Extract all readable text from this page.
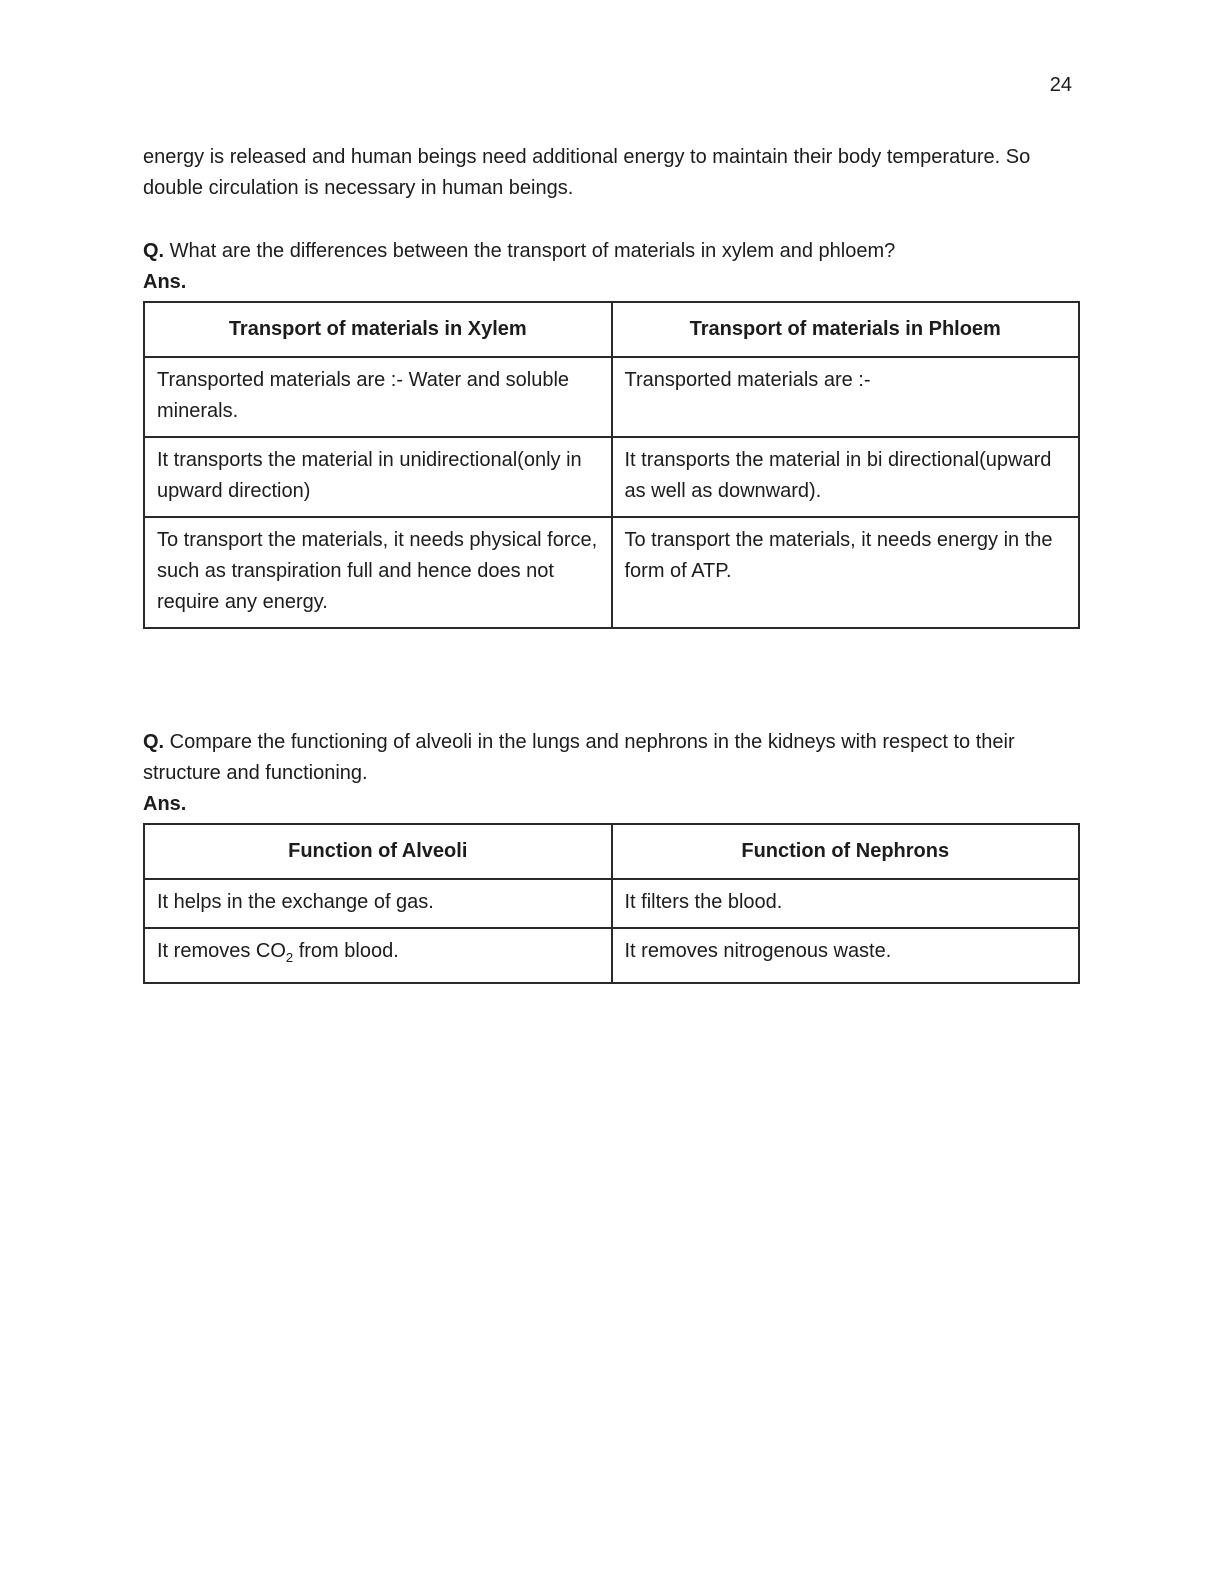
24

energy is released and human beings need additional energy to maintain their body temperature. So double circulation is necessary in human beings.

Q. What are the differences between the transport of materials in xylem and phloem?

Ans.

Transport of materials in Xylem	Transport of materials in Phloem
Transported materials are :- Water and soluble minerals.	Transported materials are :-
It transports the material in unidirectional(only in upward direction)	It transports the material in bi directional(upward as well as downward).
To transport the materials, it needs physical force, such as transpiration full and hence does not require any energy.	To transport the materials, it needs energy in the form of ATP.

Q. Compare the functioning of alveoli in the lungs and nephrons in the kidneys with respect to their structure and functioning.

Ans.

Function of Alveoli	Function of Nephrons
It helps in the exchange of gas.	It filters the blood.
It removes $CO_2$ from blood.	It removes nitrogenous waste.
